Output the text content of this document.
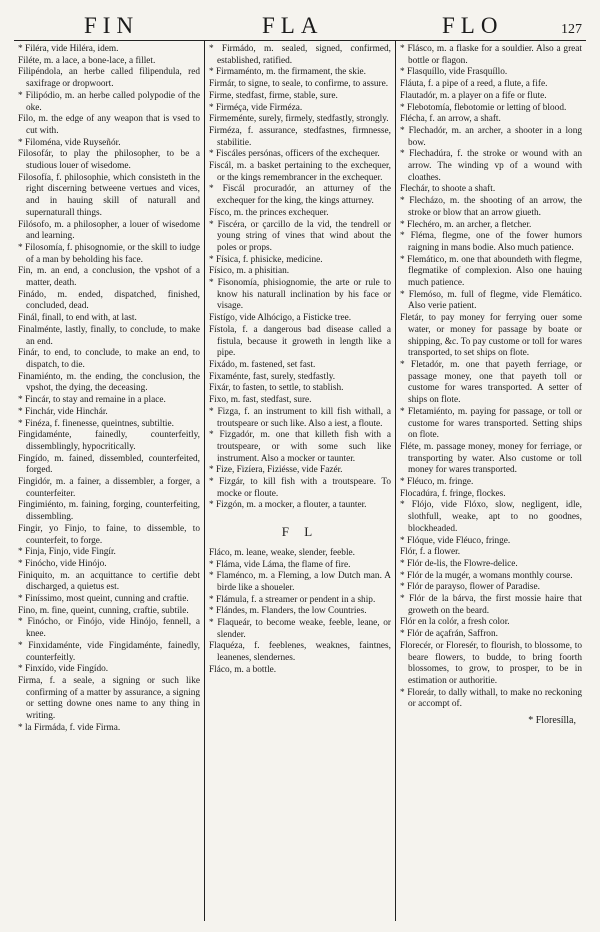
FIN	FLA	FLO	127
* Filéra, vide Hiléra, idem.
Filéte, m. a lace, a bone-lace, a fillet.
Filipéndola, an herbe called filipendula, red saxifrage or dropwoort.
* Filipódio, m. an herbe called polypodie of the oke.
Filo, m. the edge of any weapon that is vsed to cut with.
* Filoména, vide Ruyseñór.
Filosofár, to play the philosopher, to be a studious louer of wisedome.
Filosofía, f. philosophie, which consisteth in the right discerning betweene vertues and vices, and in hauing skill of naturall and supernaturall things.
Filósofo, m. a philosopher, a louer of wisedome and learning.
* Filosomía, f. phisognomie, or the skill to iudge of a man by beholding his face.
Fin, m. an end, a conclusion, the vpshot of a matter, death.
Finádo, m. ended, dispatched, finished, concluded, dead.
Finál, finall, to end with, at last.
Finalménte, lastly, finally, to conclude, to make an end.
Finár, to end, to conclude, to make an end, to dispatch, to die.
Finamiénto, m. the ending, the conclusion, the vpshot, the dying, the deceasing.
* Fincár, to stay and remaine in a place.
* Finchár, vide Hinchár.
* Finéza, f. finenesse, queintnes, subtiltie.
Fingidaménte, fainedly, counterfeitly, dissemblingly, hypocritically.
Fingído, m. fained, dissembled, counterfeited, forged.
Fingidór, m. a fainer, a dissembler, a forger, a counterfeiter.
Fingimiénto, m. faining, forging, counterfeiting, dissembling.
Fingir, yo Finjo, to faine, to dissemble, to counterfeit, to forge.
* Finja, Finjo, vide Fingír.
* Finócho, vide Hinójo.
Finiquito, m. an acquittance to certifie debt discharged, a quietus est.
* Finíssimo, most queint, cunning and craftie.
Fino, m. fine, queint, cunning, craftie, subtile.
* Finócho, or Finójo, vide Hinójo, fennell, a knee.
* Finxidaménte, vide Fingidaménte, fainedly, counterfeitly.
* Finxído, vide Fingído.
Firma, f. a seale, a signing or such like confirming of a matter by assurance, a signing or setting downe ones name to any thing in writing.
* la Firmáda, f. vide Firma.
* Firmádo, m. sealed, signed, confirmed, established, ratified.
* Firmaménto, m. the firmament, the skie.
Firmár, to signe, to seale, to confirme, to assure.
Firme, stedfast, firme, stable, sure.
* Firméça, vide Firméza.
Firmeménte, surely, firmely, stedfastly, strongly.
Firméza, f. assurance, stedfastnes, firmnesse, stabilitie.
* Fiscáles persónas, officers of the exchequer.
Fiscál, m. a basket pertaining to the exchequer, or the kings remembrancer in the exchequer.
* Fiscál procuradór, an atturney of the exchequer for the king, the kings atturney.
Físco, m. the princes exchequer.
* Fiscéra, or çarcillo de la vid, the tendrell or young string of vines that wind about the poles or props.
* Física, f. phisicke, medicine.
Físico, m. a phisitian.
* Fisonomía, phisiognomie, the arte or rule to know his naturall inclination by his face or visage.
Fistígo, vide Alhócigo, a Fisticke tree.
Fístola, f. a dangerous bad disease called a fistula, because it groweth in length like a pipe.
Fixádo, m. fastened, set fast.
Fixaménte, fast, surely, stedfastly.
Fixár, to fasten, to settle, to stablish.
Fixo, m. fast, stedfast, sure.
* Fizga, f. an instrument to kill fish withall, a troutspeare or such like. Also a iest, a floute.
* Fizgadór, m. one that killeth fish with a troutspeare, or with some such like instrument. Also a mocker or taunter.
* Fize, Fizíera, Fiziésse, vide Fazér.
* Fizgár, to kill fish with a troutspeare. To mocke or floute.
* Fizgón, m. a mocker, a flouter, a taunter.
F L
Fláco, m. leane, weake, slender, feeble.
* Fláma, vide Láma, the flame of fire.
* Flaménco, m. a Fleming, a low Dutch man. A birde like a shoueler.
* Flámula, f. a streamer or pendent in a ship.
* Flándes, m. Flanders, the low Countries.
* Flaqueár, to become weake, feeble, leane, or slender.
Flaquéza, f. feeblenes, weaknes, faintnes, leanenes, slendernes.
Fláсо, m. a bottle.
* Flásco, m. a flaske for a souldier. Also a great bottle or flagon.
* Flasquíllo, vide Frasquíllo.
Fláuta, f. a pipe of a reed, a flute, a fife.
Flautadór, m. a player on a fife or flute.
* Flebotomía, flebotomie or letting of blood.
Flécha, f. an arrow, a shaft.
* Flechadór, m. an archer, a shooter in a long bow.
* Flechadúra, f. the stroke or wound with an arrow. The winding vp of a wound with cloathes.
Flechár, to shoote a shaft.
* Flecházo, m. the shooting of an arrow, the stroke or blow that an arrow giueth.
* Flechéro, m. an archer, a fletcher.
* Fléma, flegme, one of the fower humors raigning in mans bodie. Also much patience.
* Flemático, m. one that aboundeth with flegme, flegmatike of complexion. Also one hauing much patience.
* Flemóso, m. full of flegme, vide Flemático. Also verie patient.
Fletár, to pay money for ferrying ouer some water, or money for passage by boate or shipping, &c. To pay custome or toll for wares transported, to set ships on flote.
* Fletadór, m. one that payeth ferriage, or passage money, one that payeth toll or custome for wares transported. A setter of ships on flote.
* Fletamiénto, m. paying for passage, or toll or custome for wares transported. Setting ships on flote.
Fléte, m. passage money, money for ferriage, or transporting by water. Also custome or toll money for wares transported.
* Fléuco, m. fringe.
Flocadúra, f. fringe, flockes.
* Flójo, vide Flóxo, slow, negligent, idle, slothfull, weake, apt to no goodnes, blockheaded.
* Flóque, vide Fléuco, fringe.
Flór, f. a flower.
* Flór de-lis, the Flowre-delice.
* Flór de la mugér, a womans monthly course.
* Flór de parayso, flower of Paradise.
* Flór de la bárva, the first mossie haire that groweth on the beard.
Flór en la colór, a fresh color.
* Flór de açafrán, Saffron.
Florecér, or Floresér, to flourish, to blossome, to beare flowers, to budde, to bring foorth blossomes, to grow, to prosper, to be in estimation or authoritie.
* Floreár, to dally withall, to make no reckoning or accompt of.
* Floresílla,
